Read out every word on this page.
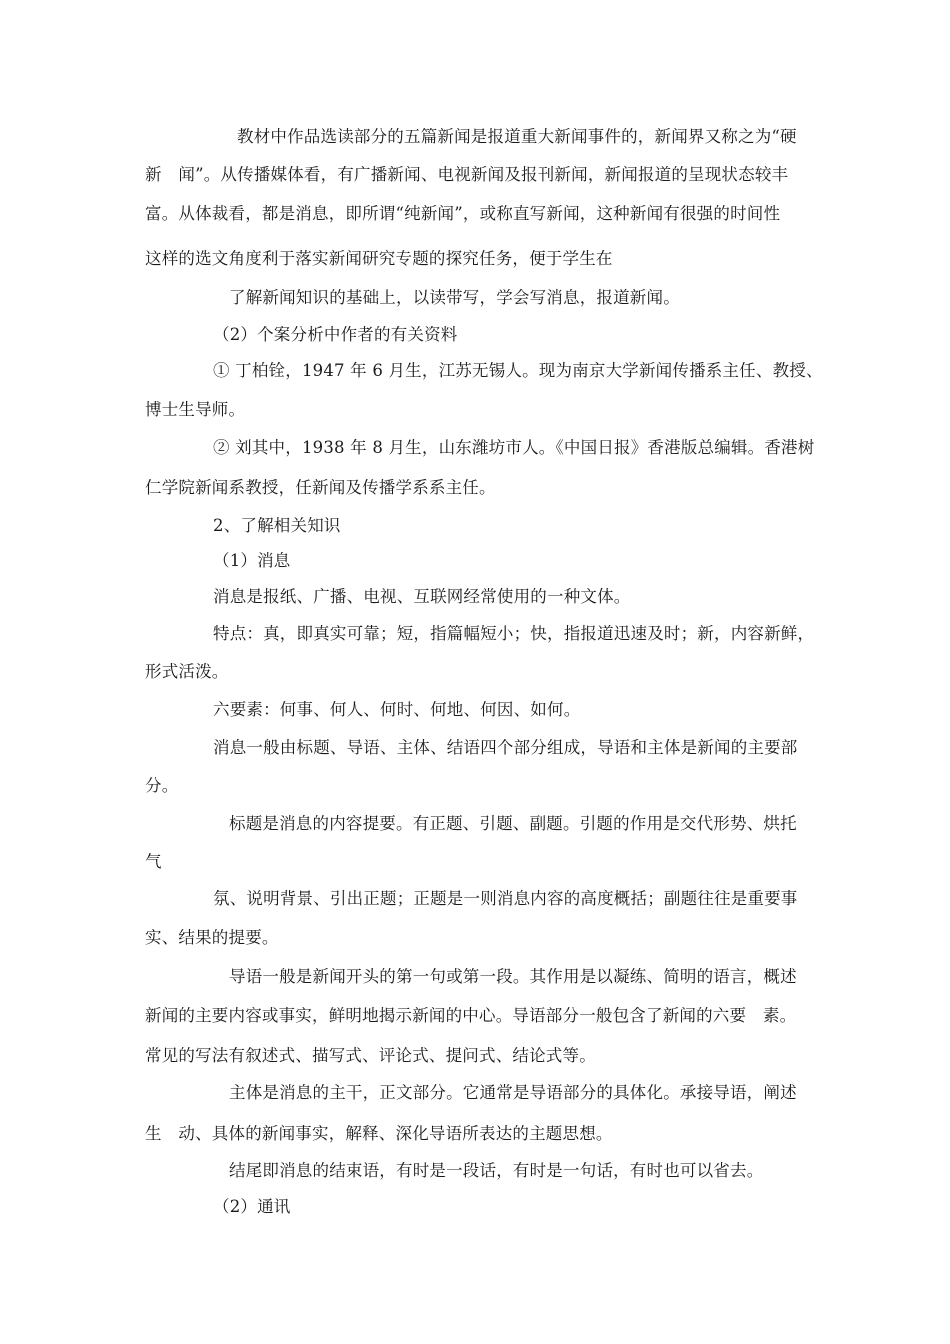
教材中作品选读部分的五篇新闻是报道重大新闻事件的，新闻界又称之为“硬
新　闻”。从传播媒体看，有广播新闻、电视新闻及报刊新闻，新闻报道的呈现状态较丰
富。从体裁看，都是消息，即所谓“纯新闻”，或称直写新闻，这种新闻有很强的时间性
这样的选文角度利于落实新闻研究专题的探究任务，便于学生在
了解新闻知识的基础上，以读带写，学会写消息，报道新闻。
（2）个案分析中作者的有关资料
① 丁柏铨，1947 年 6 月生，江苏无锡人。现为南京大学新闻传播系主任、教授、
博士生导师。
② 刘其中，1938 年 8 月生，山东潍坊市人。《中国日报》香港版总编辑。香港树
仁学院新闻系教授，任新闻及传播学系系主任。
2、了解相关知识
（1）消息
消息是报纸、广播、电视、互联网经常使用的一种文体。
特点：真，即真实可靠；短，指篇幅短小；快，指报道迅速及时；新，内容新鲜，
形式活泼。
六要素：何事、何人、何时、何地、何因、如何。
消息一般由标题、导语、主体、结语四个部分组成，导语和主体是新闻的主要部
分。
标题是消息的内容提要。有正题、引题、副题。引题的作用是交代形势、烘托
气
氛、说明背景、引出正题；正题是一则消息内容的高度概括；副题往往是重要事
实、结果的提要。
导语一般是新闻开头的第一句或第一段。其作用是以凝练、简明的语言，概述
新闻的主要内容或事实，鲜明地揭示新闻的中心。导语部分一般包含了新闻的六要　素。
常见的写法有叙述式、描写式、评论式、提问式、结论式等。
主体是消息的主干，正文部分。它通常是导语部分的具体化。承接导语，阐述
生　动、具体的新闻事实，解释、深化导语所表达的主题思想。
结尾即消息的结束语，有时是一段话，有时是一句话，有时也可以省去。
（2）通讯
